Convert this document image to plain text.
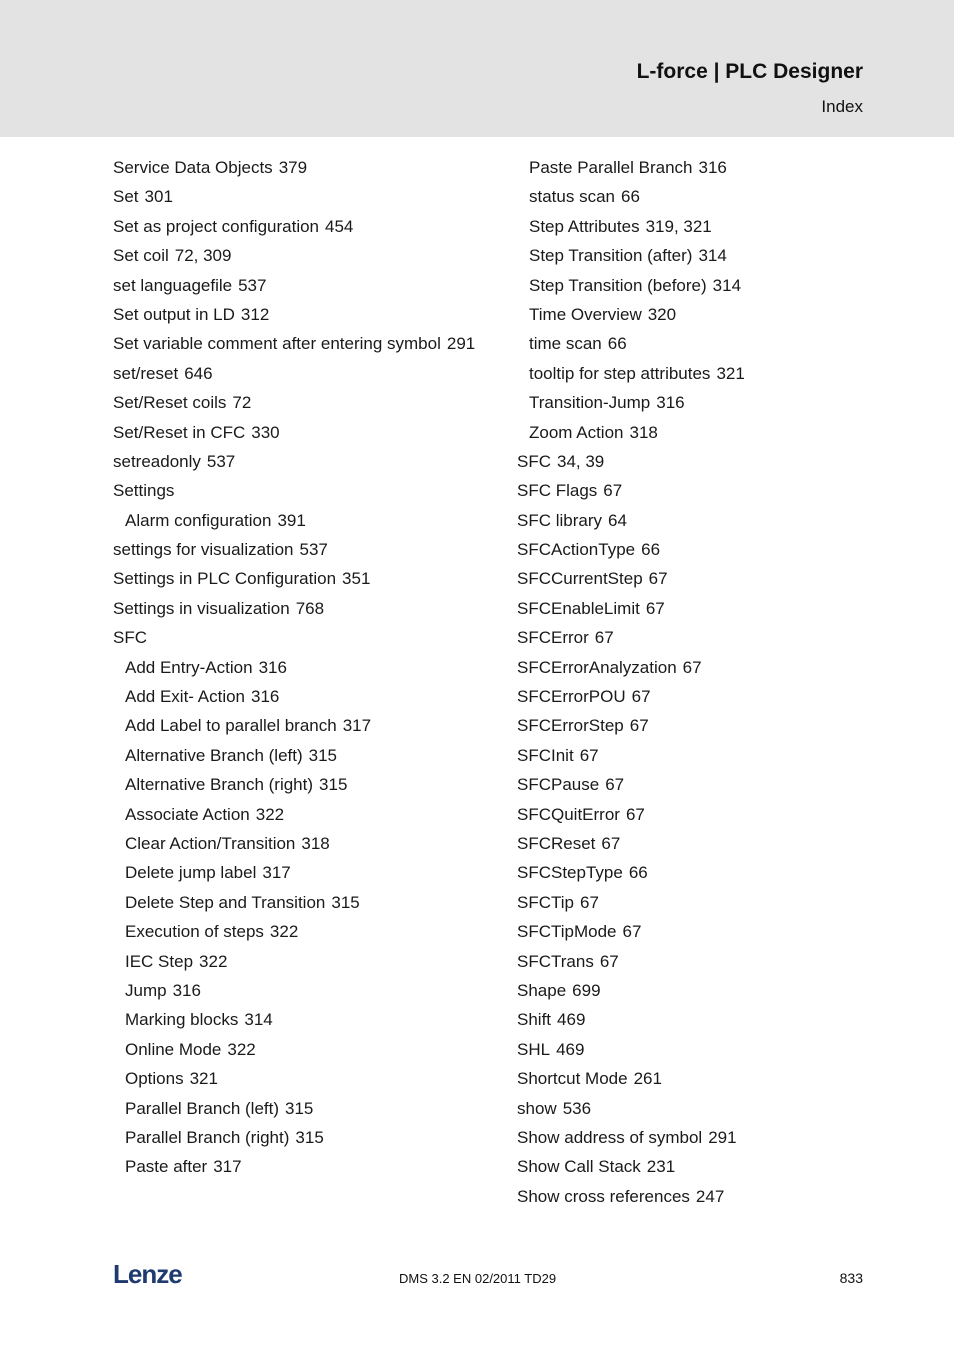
L-force | PLC Designer
Index
Service Data Objects 379
Set 301
Set as project configuration 454
Set coil 72, 309
set languagefile 537
Set output in LD 312
Set variable comment after entering symbol 291
set/reset 646
Set/Reset coils 72
Set/Reset in CFC 330
setreadonly 537
Settings
Alarm configuration 391
settings for visualization 537
Settings in PLC Configuration 351
Settings in visualization 768
SFC
Add Entry-Action 316
Add Exit- Action 316
Add Label to parallel branch 317
Alternative Branch (left) 315
Alternative Branch (right) 315
Associate Action 322
Clear Action/Transition 318
Delete jump label 317
Delete Step and Transition 315
Execution of steps 322
IEC Step 322
Jump 316
Marking blocks 314
Online Mode 322
Options 321
Parallel Branch (left) 315
Parallel Branch (right) 315
Paste after 317
Paste Parallel Branch 316
status scan 66
Step Attributes 319, 321
Step Transition (after) 314
Step Transition (before) 314
Time Overview 320
time scan 66
tooltip for step attributes 321
Transition-Jump 316
Zoom Action 318
SFC 34, 39
SFC Flags 67
SFC library 64
SFCActionType 66
SFCCurrentStep 67
SFCEnableLimit 67
SFCError 67
SFCErrorAnalyzation 67
SFCErrorPOU 67
SFCErrorStep 67
SFCInit 67
SFCPause 67
SFCQuitError 67
SFCReset 67
SFCStepType 66
SFCTip 67
SFCTipMode 67
SFCTrans 67
Shape 699
Shift 469
SHL 469
Shortcut Mode 261
show 536
Show address of symbol 291
Show Call Stack 231
Show cross references 247
Lenze	DMS 3.2 EN 02/2011 TD29	833
